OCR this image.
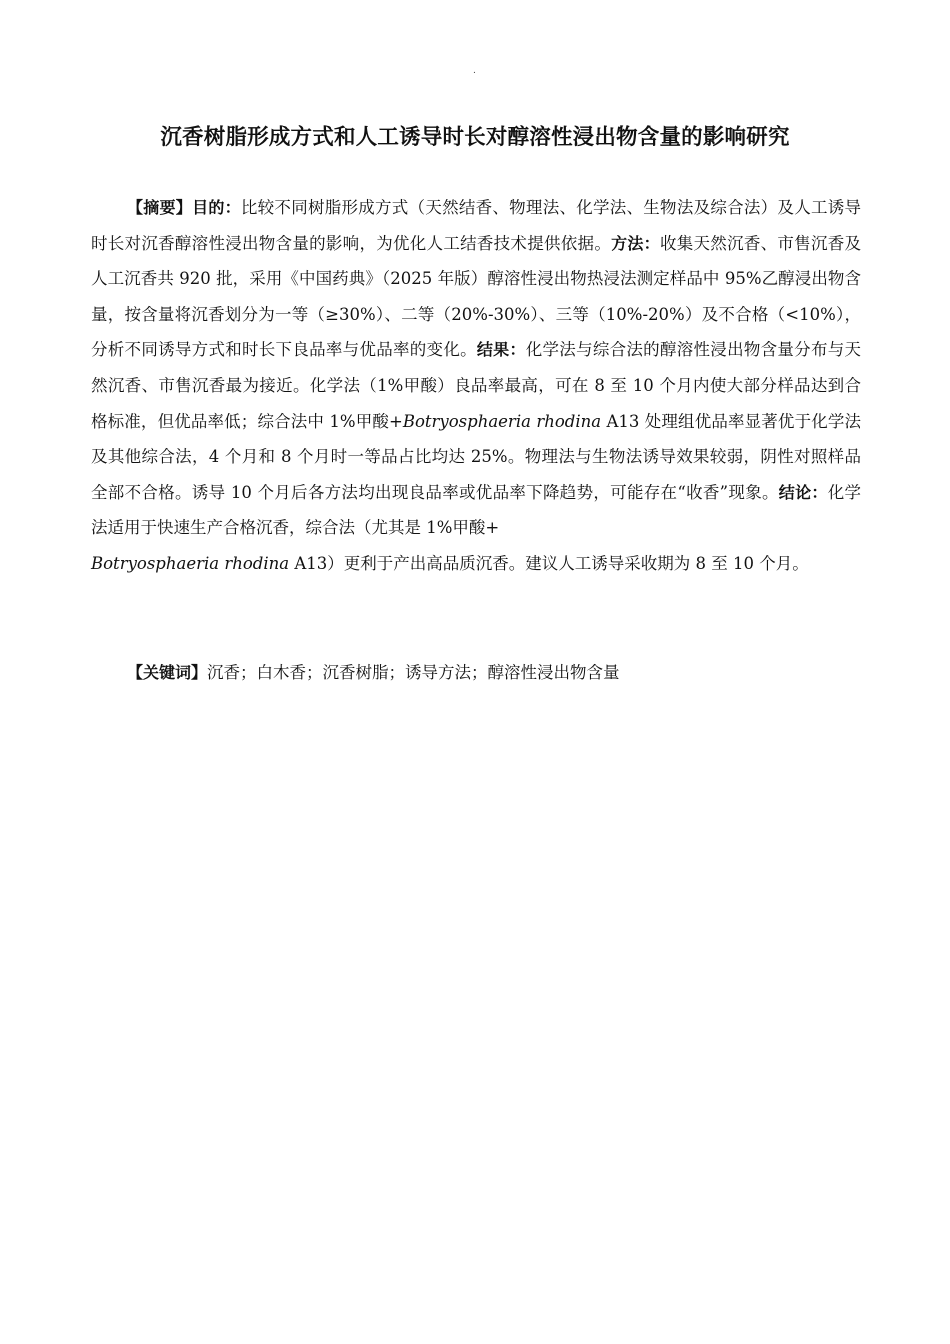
.
沉香树脂形成方式和人工诱导时长对醇溶性浸出物含量的影响研究

【摘要】目的：比较不同树脂形成方式（天然结香、物理法、化学法、生物法及综合法）及人工诱导时长对沉香醇溶性浸出物含量的影响，为优化人工结香技术提供依据。方法：收集天然沉香、市售沉香及人工沉香共 920 批，采用《中国药典》（2025 年版）醇溶性浸出物热浸法测定样品中 95%乙醇浸出物含量，按含量将沉香划分为一等（≥30%）、二等（20%-30%）、三等（10%-20%）及不合格（<10%），分析不同诱导方式和时长下良品率与优品率的变化。结果：化学法与综合法的醇溶性浸出物含量分布与天然沉香、市售沉香最为接近。化学法（1%甲酸）良品率最高，可在 8 至 10 个月内使大部分样品达到合格标准，但优品率低；综合法中 1%甲酸+Botryosphaeria rhodina A13 处理组优品率显著优于化学法及其他综合法，4 个月和 8 个月时一等品占比均达 25%。物理法与生物法诱导效果较弱，阴性对照样品全部不合格。诱导 10 个月后各方法均出现良品率或优品率下降趋势，可能存在“收香”现象。结论：化学法适用于快速生产合格沉香，综合法（尤其是 1%甲酸+
Botryosphaeria rhodina A13）更利于产出高品质沉香。建议人工诱导采收期为 8 至 10 个月。

【关键词】沉香；白木香；沉香树脂；诱导方法；醇溶性浸出物含量
